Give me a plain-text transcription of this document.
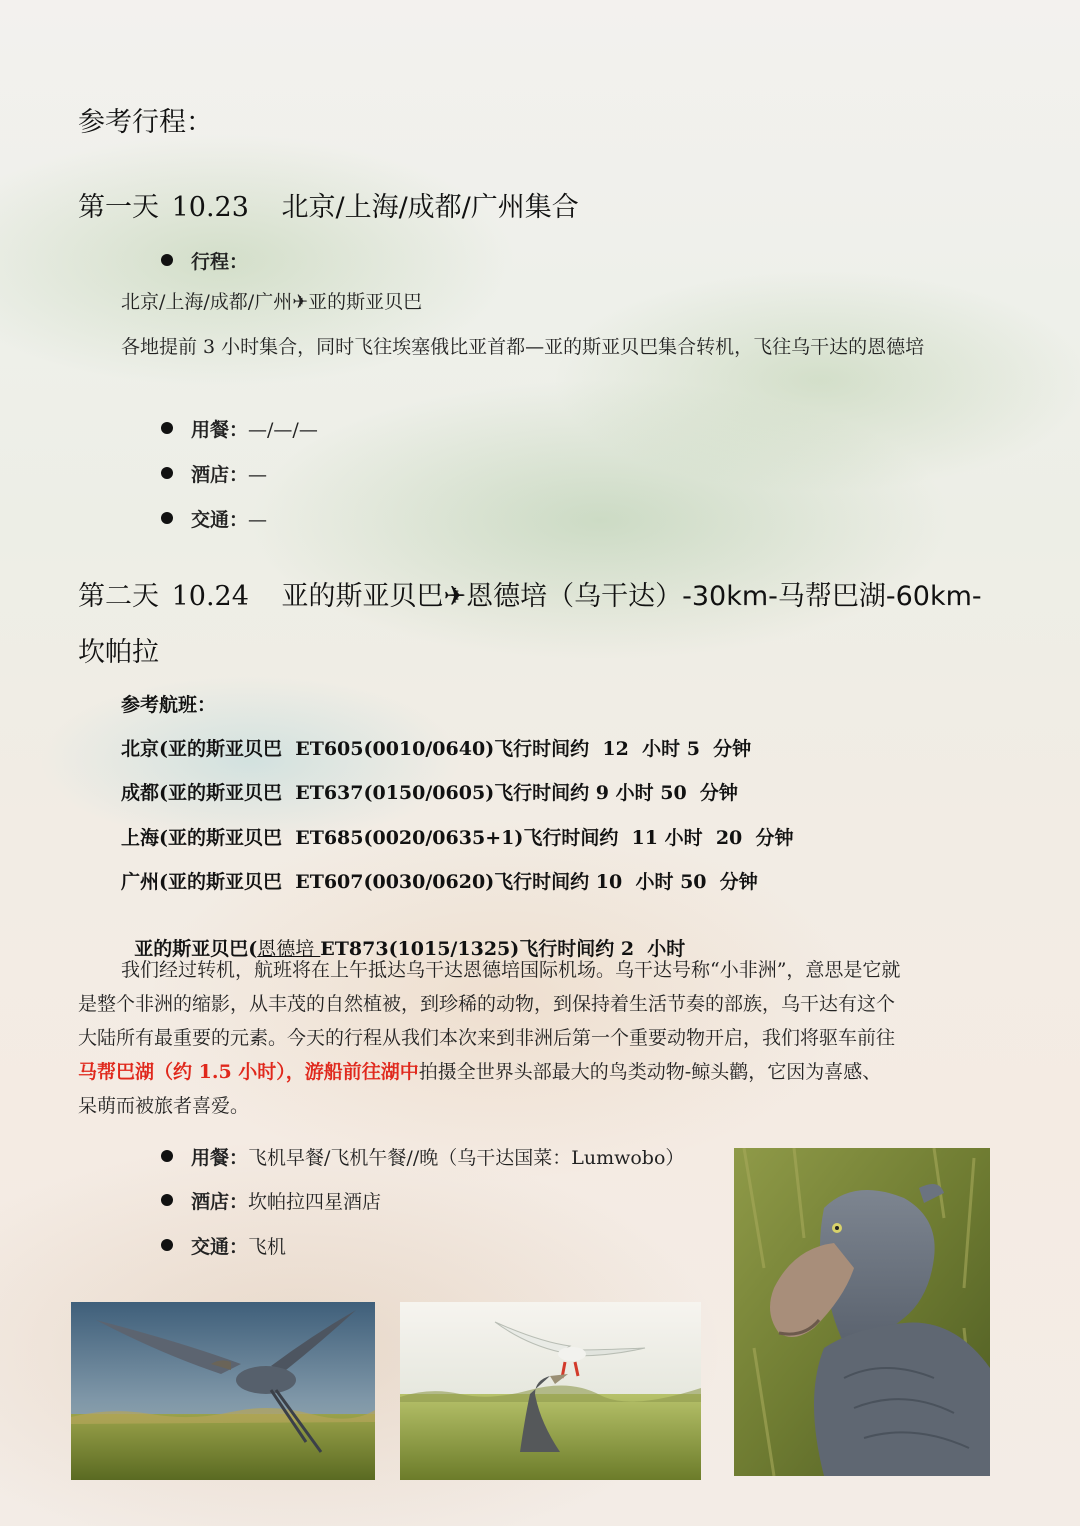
参考行程：
第一天 10.23 北京/上海/成都/广州集合
行程：
北京/上海/成都/广州✈亚的斯亚贝巴
各地提前 3 小时集合，同时飞往埃塞俄比亚首都—亚的斯亚贝巴集合转机，飞往乌干达的恩德培
用餐：—/—/—
酒店：—
交通：—
第二天 10.24 亚的斯亚贝巴✈恩德培（乌干达）-30km-马帮巴湖-60km-
坎帕拉
参考航班：
北京(亚的斯亚贝巴  ET605(0010/0640)飞行时间约  12  小时 5  分钟
成都(亚的斯亚贝巴  ET637(0150/0605)飞行时间约 9 小时 50  分钟
上海(亚的斯亚贝巴  ET685(0020/0635+1)飞行时间约  11 小时  20  分钟
广州(亚的斯亚贝巴  ET607(0030/0620)飞行时间约 10  小时 50  分钟

亚的斯亚贝巴(恩德培 ET873(1015/1325)飞行时间约 2  小时

我们经过转机，航班将在上午抵达乌干达恩德培国际机场。乌干达号称“小非洲”，意思是它就
是整个非洲的缩影，从丰茂的自然植被，到珍稀的动物，到保持着生活节奏的部族，乌干达有这个
大陆所有最重要的元素。今天的行程从我们本次来到非洲后第一个重要动物开启，我们将驱车前往
马帮巴湖（约 1.5 小时），游船前往湖中拍摄全世界头部最大的鸟类动物-鲸头鹳，它因为喜感、
呆萌而被旅者喜爱。
用餐：飞机早餐/飞机午餐//晚（乌干达国菜：Lumwobo）
酒店：坎帕拉四星酒店
交通：飞机
